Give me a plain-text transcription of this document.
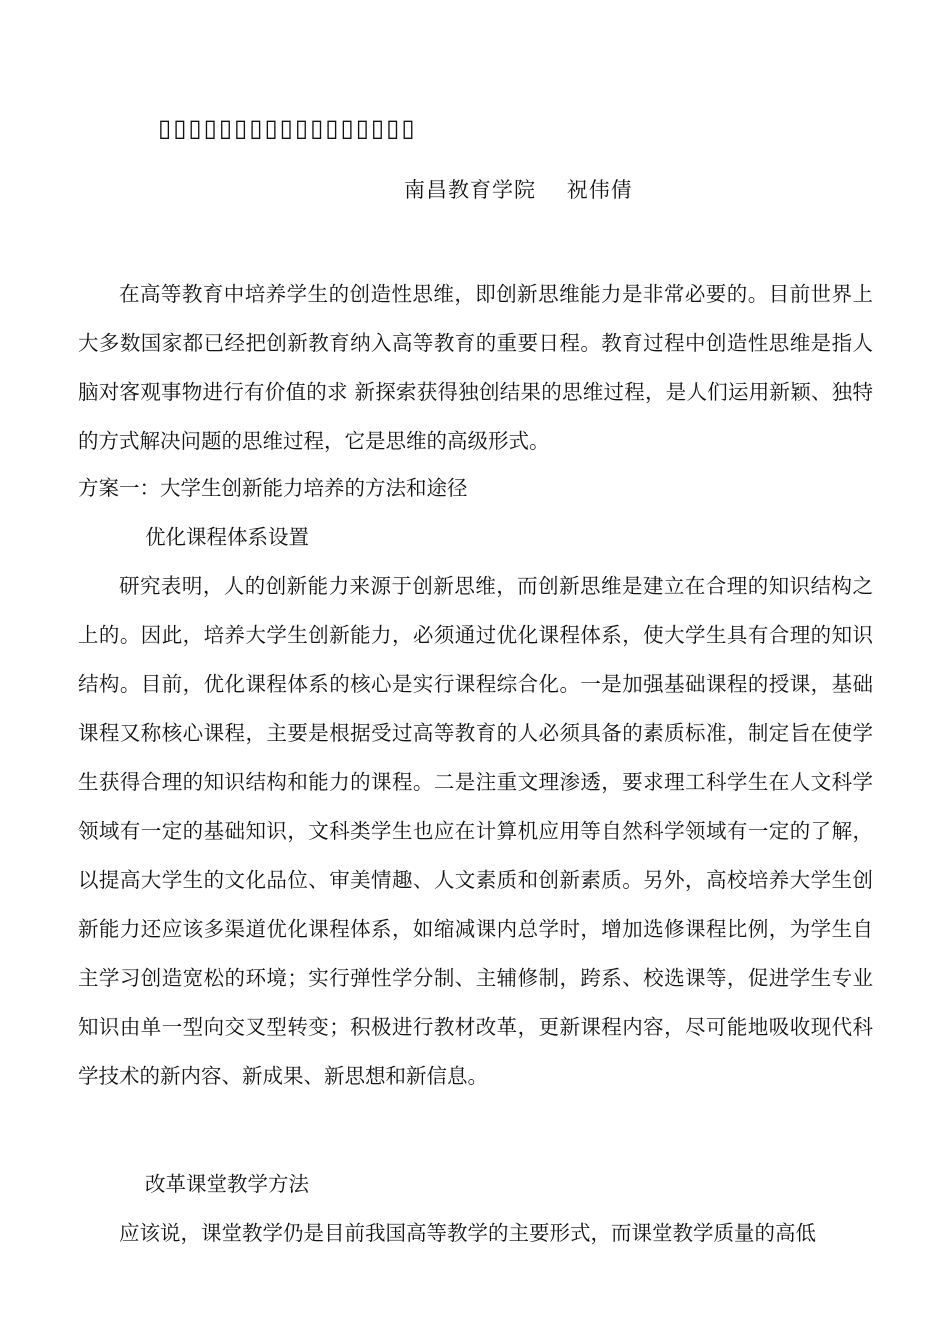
▯▯▯▯▯▯▯▯▯▯▯▯▯▯▯▯▯
南昌教育学院    祝伟倩

在高等教育中培养学生的创造性思维，即创新思维能力是非常必要的。目前世界上大多数国家都已经把创新教育纳入高等教育的重要日程。教育过程中创造性思维是指人脑对客观事物进行有价值的求 新探索获得独创结果的思维过程，是人们运用新颖、独特的方式解决问题的思维过程，它是思维的高级形式。

方案一：大学生创新能力培养的方法和途径
优化课程体系设置

研究表明，人的创新能力来源于创新思维，而创新思维是建立在合理的知识结构之上的。因此，培养大学生创新能力，必须通过优化课程体系，使大学生具有合理的知识结构。目前，优化课程体系的核心是实行课程综合化。一是加强基础课程的授课，基础课程又称核心课程，主要是根据受过高等教育的人必须具备的素质标准，制定旨在使学生获得合理的知识结构和能力的课程。二是注重文理渗透，要求理工科学生在人文科学领域有一定的基础知识，文科类学生也应在计算机应用等自然科学领域有一定的了解，以提高大学生的文化品位、审美情趣、人文素质和创新素质。另外，高校培养大学生创新能力还应该多渠道优化课程体系，如缩减课内总学时，增加选修课程比例，为学生自主学习创造宽松的环境；实行弹性学分制、主辅修制，跨系、校选课等，促进学生专业知识由单一型向交叉型转变；积极进行教材改革，更新课程内容，尽可能地吸收现代科学技术的新内容、新成果、新思想和新信息。

改革课堂教学方法

应该说，课堂教学仍是目前我国高等教学的主要形式，而课堂教学质量的高低
